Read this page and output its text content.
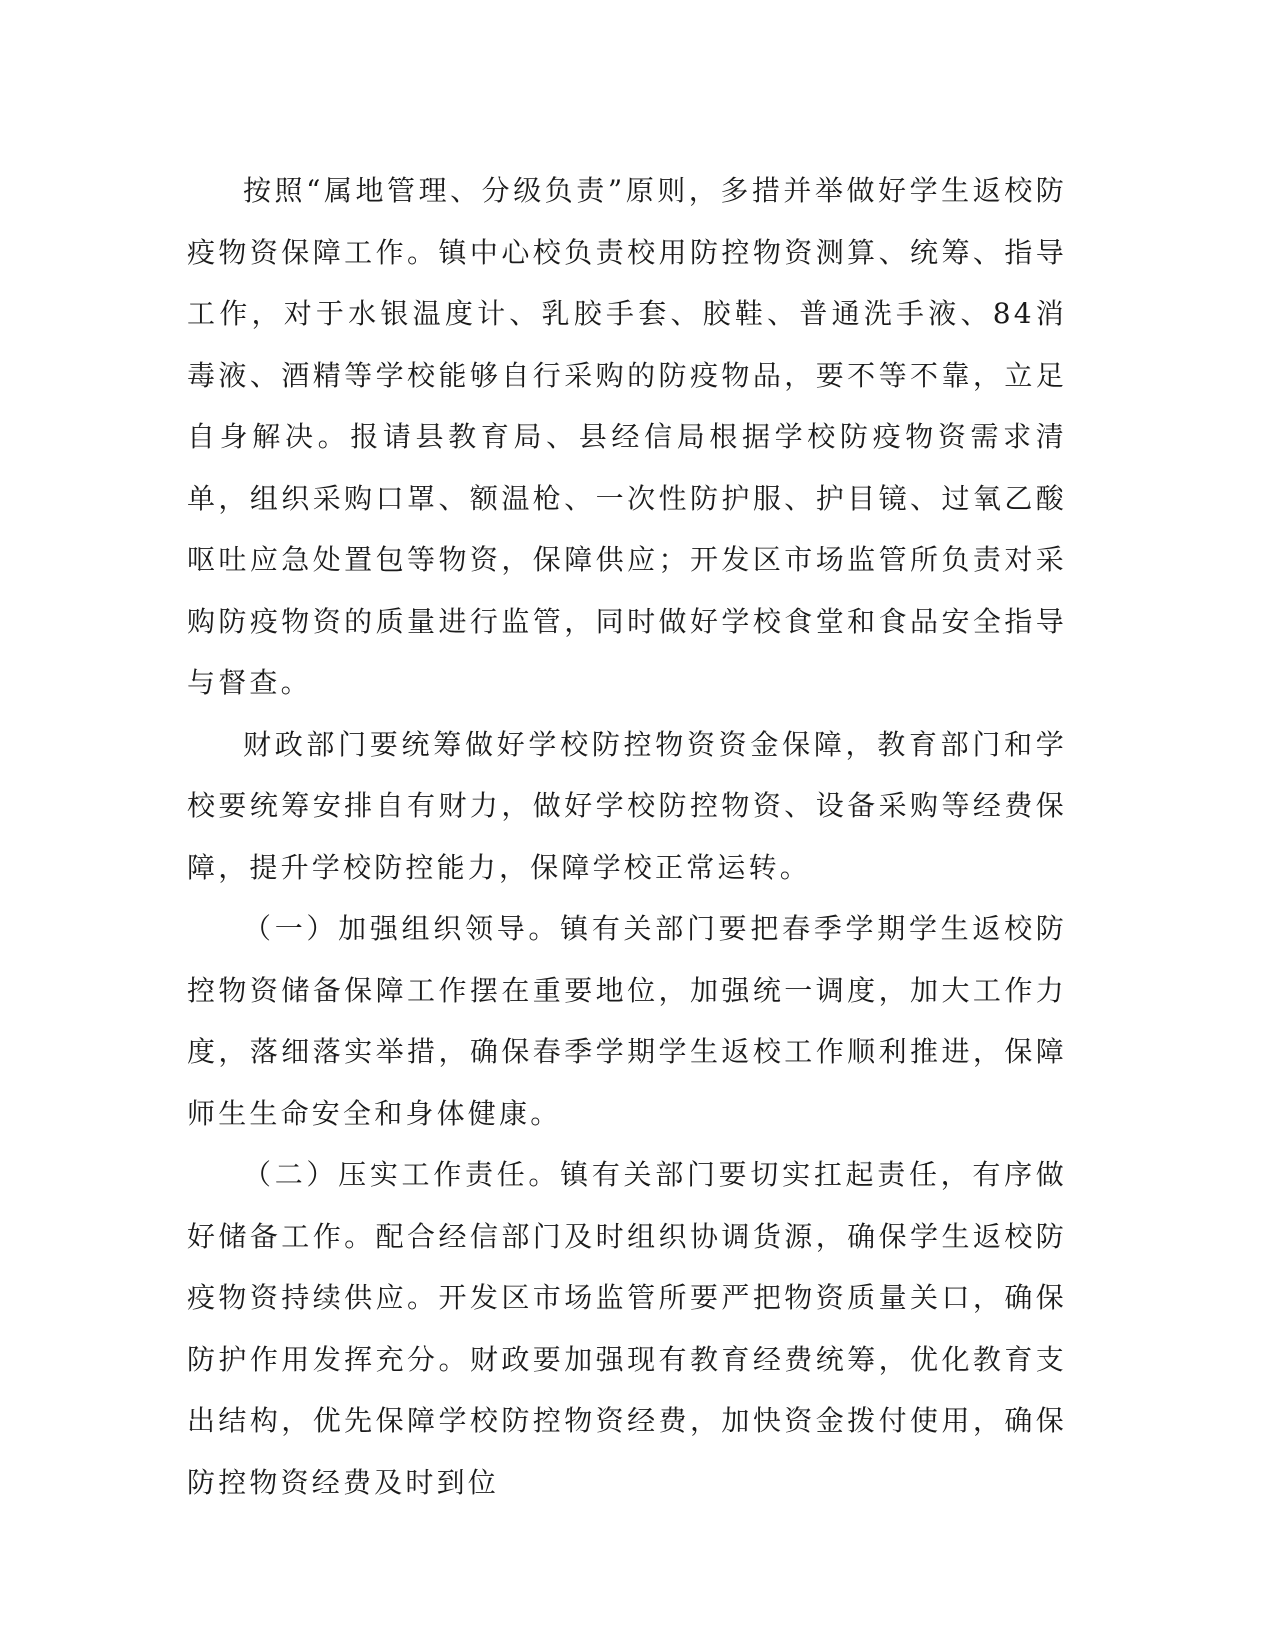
按照“属地管理、分级负责”原则，多措并举做好学生返校防疫物资保障工作。镇中心校负责校用防控物资测算、统筹、指导工作，对于水银温度计、乳胶手套、胶鞋、普通洗手液、84消毒液、酒精等学校能够自行采购的防疫物品，要不等不靠，立足自身解决。报请县教育局、县经信局根据学校防疫物资需求清单，组织采购口罩、额温枪、一次性防护服、护目镜、过氧乙酸呕吐应急处置包等物资，保障供应；开发区市场监管所负责对采购防疫物资的质量进行监管，同时做好学校食堂和食品安全指导与督查。

财政部门要统筹做好学校防控物资资金保障，教育部门和学校要统筹安排自有财力，做好学校防控物资、设备采购等经费保障，提升学校防控能力，保障学校正常运转。

（一）加强组织领导。镇有关部门要把春季学期学生返校防控物资储备保障工作摆在重要地位，加强统一调度，加大工作力度，落细落实举措，确保春季学期学生返校工作顺利推进，保障师生生命安全和身体健康。

（二）压实工作责任。镇有关部门要切实扛起责任，有序做好储备工作。配合经信部门及时组织协调货源，确保学生返校防疫物资持续供应。开发区市场监管所要严把物资质量关口，确保防护作用发挥充分。财政要加强现有教育经费统筹，优化教育支出结构，优先保障学校防控物资经费，加快资金拨付使用，确保防控物资经费及时到位
